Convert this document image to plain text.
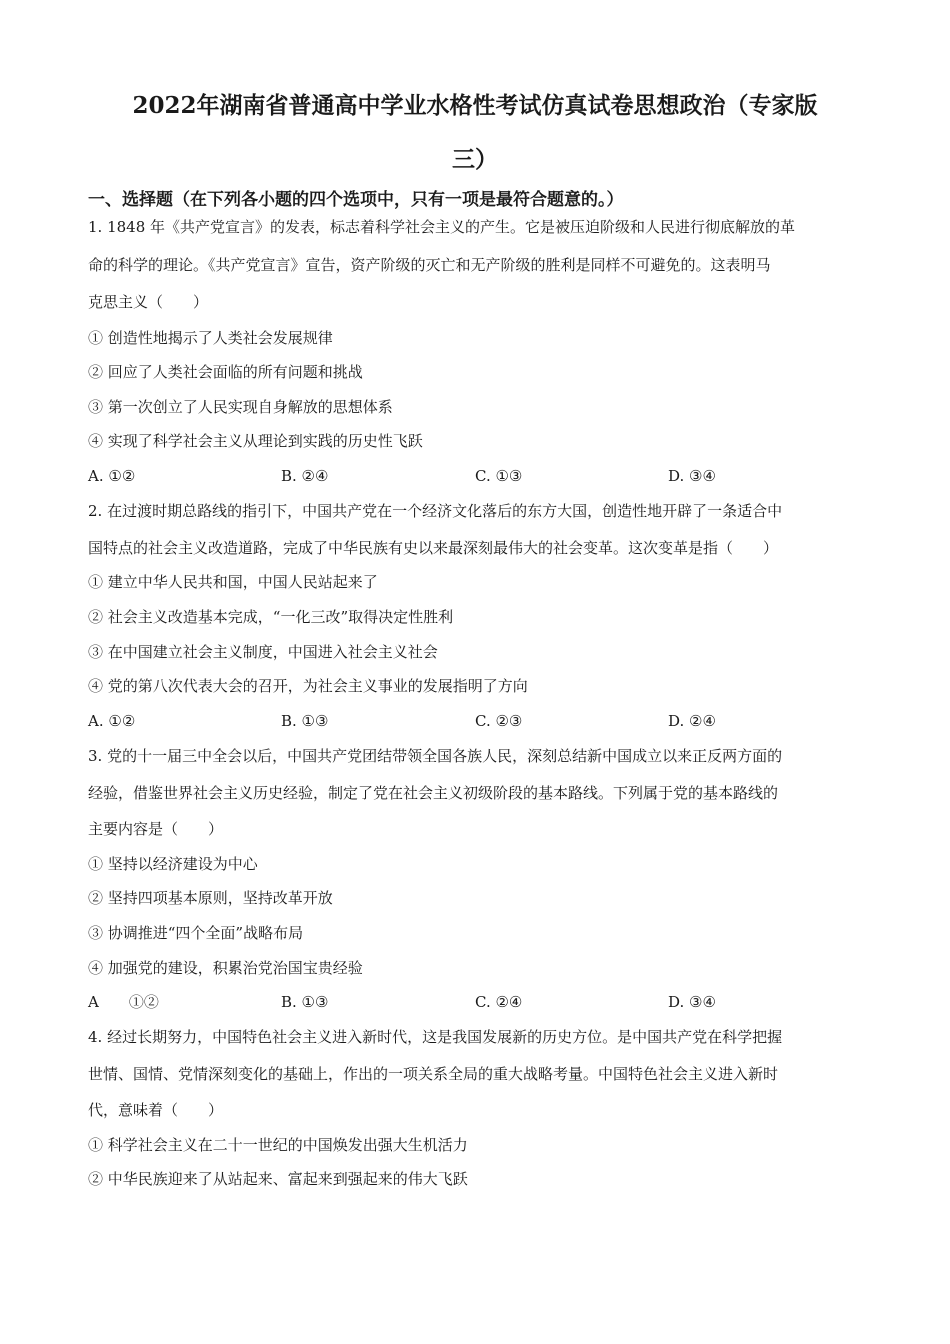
2022年湖南省普通高中学业水格性考试仿真试卷思想政治（专家版
三）
一、选择题（在下列各小题的四个选项中，只有一项是最符合题意的。）
1. 1848 年《共产党宣言》的发表，标志着科学社会主义的产生。它是被压迫阶级和人民进行彻底解放的革
命的科学的理论。《共产党宣言》宣告，资产阶级的灭亡和无产阶级的胜利是同样不可避免的。这表明马
克思主义（　　）
① 创造性地揭示了人类社会发展规律
② 回应了人类社会面临的所有问题和挑战
③ 第一次创立了人民实现自身解放的思想体系
④ 实现了科学社会主义从理论到实践的历史性飞跃
A. ①②	B. ②④	C. ①③	D. ③④
2. 在过渡时期总路线的指引下，中国共产党在一个经济文化落后的东方大国，创造性地开辟了一条适合中
国特点的社会主义改造道路，完成了中华民族有史以来最深刻最伟大的社会变革。这次变革是指（　　）
① 建立中华人民共和国，中国人民站起来了
② 社会主义改造基本完成，“一化三改”取得决定性胜利
③ 在中国建立社会主义制度，中国进入社会主义社会
④ 党的第八次代表大会的召开，为社会主义事业的发展指明了方向
A. ①②	B. ①③	C. ②③	D. ②④
3. 党的十一届三中全会以后，中国共产党团结带领全国各族人民，深刻总结新中国成立以来正反两方面的
经验，借鉴世界社会主义历史经验，制定了党在社会主义初级阶段的基本路线。下列属于党的基本路线的
主要内容是（　　）
① 坚持以经济建设为中心
② 坚持四项基本原则，坚持改革开放
③ 协调推进“四个全面”战略布局
④ 加强党的建设，积累治党治国宝贵经验
A　　①②	B. ①③	C. ②④	D. ③④
4. 经过长期努力，中国特色社会主义进入新时代，这是我国发展新的历史方位。是中国共产党在科学把握
世情、国情、党情深刻变化的基础上，作出的一项关系全局的重大战略考量。中国特色社会主义进入新时
代，意味着（　　）
① 科学社会主义在二十一世纪的中国焕发出强大生机活力
② 中华民族迎来了从站起来、富起来到强起来的伟大飞跃
